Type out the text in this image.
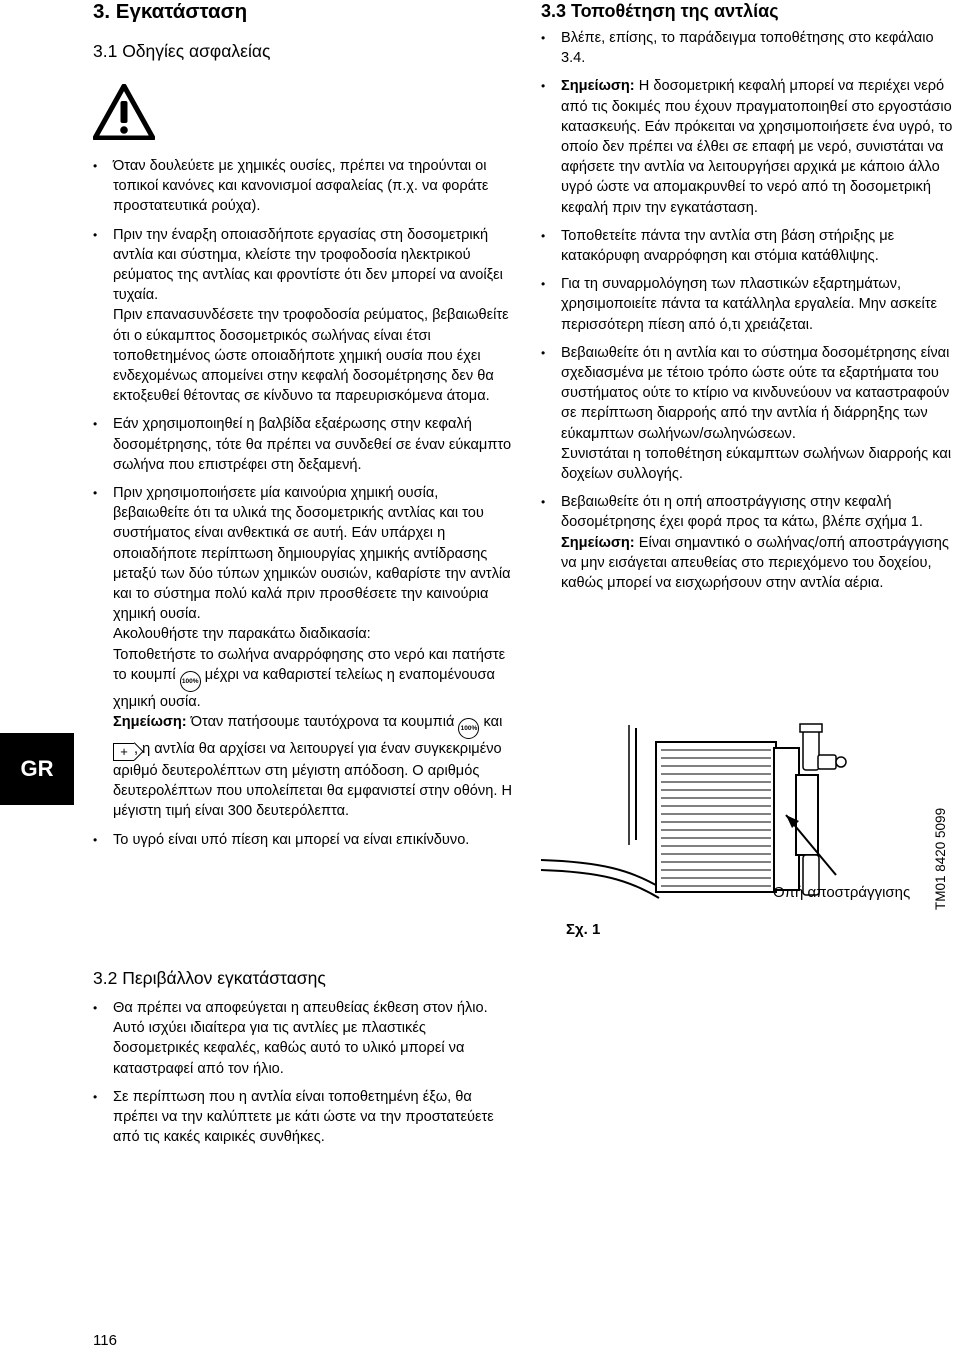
GR
3. Εγκατάσταση
3.1 Οδηγίες ασφαλείας

• Όταν δουλεύετε με χημικές ουσίες, πρέπει να τηρούνται οι τοπικοί κανόνες και κανονισμοί ασφαλείας (π.χ. να φοράτε προστατευτικά ρούχα).

• Πριν την έναρξη οποιασδήποτε εργασίας στη δοσομετρική αντλία και σύστημα, κλείστε την τροφοδοσία ηλεκτρικού ρεύματος της αντλίας και φροντίστε ότι δεν μπορεί να ανοίξει τυχαία.

Πριν επανασυνδέσετε την τροφοδοσία ρεύματος, βεβαιωθείτε ότι ο εύκαμπτος δοσομετρικός σωλήνας είναι έτσι τοποθετημένος ώστε οποιαδήποτε χημική ουσία που έχει ενδεχομένως απομείνει στην κεφαλή δοσομέτρησης δεν θα εκτοξευθεί θέτοντας σε κίνδυνο τα παρευρισκόμενα άτομα.

• Εάν χρησιμοποιηθεί η βαλβίδα εξαέρωσης στην κεφαλή δοσομέτρησης, τότε θα πρέπει να συνδεθεί σε έναν εύκαμπτο σωλήνα που επιστρέφει στη δεξαμενή.

• Πριν χρησιμοποιήσετε μία καινούρια χημική ουσία, βεβαιωθείτε ότι τα υλικά της δοσομετρικής αντλίας και του συστήματος είναι ανθεκτικά σε αυτή. Εάν υπάρχει η οποιαδήποτε περίπτωση δημιουργίας χημικής αντίδρασης μεταξύ των δύο τύπων χημικών ουσιών, καθαρίστε την αντλία και το σύστημα πολύ καλά πριν προσθέσετε την καινούρια χημική ουσία.

Ακολουθήστε την παρακάτω διαδικασία:

Τοποθετήστε το σωλήνα αναρρόφησης στο νερό και πατήστε το κουμπί 100% μέχρι να καθαριστεί τελείως η εναπομένουσα χημική ουσία.

Σημείωση: Όταν πατήσουμε ταυτόχρονα τα κουμπιά 100% και + , η αντλία θα αρχίσει να λειτουργεί για έναν συγκεκριμένο αριθμό δευτερολέπτων στη μέγιστη απόδοση. Ο αριθμός δευτερολέπτων που υπολείπεται θα εμφανιστεί στην οθόνη. Η μέγιστη τιμή είναι 300 δευτερόλεπτα.

• Το υγρό είναι υπό πίεση και μπορεί να είναι επικίνδυνο.

3.2 Περιβάλλον εγκατάστασης

• Θα πρέπει να αποφεύγεται η απευθείας έκθεση στον ήλιο. Αυτό ισχύει ιδιαίτερα για τις αντλίες με πλαστικές δοσομετρικές κεφαλές, καθώς αυτό το υλικό μπορεί να καταστραφεί από τον ήλιο.

• Σε περίπτωση που η αντλία είναι τοποθετημένη έξω, θα πρέπει να την καλύπτετε με κάτι ώστε να την προστατεύετε από τις κακές καιρικές συνθήκες.

3.3 Τοποθέτηση της αντλίας

• Βλέπε, επίσης, το παράδειγμα τοποθέτησης στο κεφάλαιο 3.4.

• Σημείωση: Η δοσομετρική κεφαλή μπορεί να περιέχει νερό από τις δοκιμές που έχουν πραγματοποιηθεί στο εργοστάσιο κατασκευής. Εάν πρόκειται να χρησιμοποιήσετε ένα υγρό, το οποίο δεν πρέπει να έλθει σε επαφή με νερό, συνιστάται να αφήσετε την αντλία να λειτουργήσει αρχικά με κάποιο άλλο υγρό ώστε να απομακρυνθεί το νερό από τη δοσομετρική κεφαλή πριν την εγκατάσταση.

• Τοποθετείτε πάντα την αντλία στη βάση στήριξης με κατακόρυφη αναρρόφηση και στόμια κατάθλιψης.

• Για τη συναρμολόγηση των πλαστικών εξαρτημάτων, χρησιμοποιείτε πάντα τα κατάλληλα εργαλεία. Μην ασκείτε περισσότερη πίεση από ό,τι χρειάζεται.

• Βεβαιωθείτε ότι η αντλία και το σύστημα δοσομέτρησης είναι σχεδιασμένα με τέτοιο τρόπο ώστε ούτε τα εξαρτήματα του συστήματος ούτε το κτίριο να κινδυνεύουν να καταστραφούν σε περίπτωση διαρροής από την αντλία ή διάρρηξης των εύκαμπτων σωλήνων/σωληνώσεων.

Συνιστάται η τοποθέτηση εύκαμπτων σωλήνων διαρροής και δοχείων συλλογής.

• Βεβαιωθείτε ότι η οπή αποστράγγισης στην κεφαλή δοσομέτρησης έχει φορά προς τα κάτω, βλέπε σχήμα 1.

Σημείωση: Είναι σημαντικό ο σωλήνας/οπή αποστράγγισης να μην εισάγεται απευθείας στο περιεχόμενο του δοχείου, καθώς μπορεί να εισχωρήσουν στην αντλία αέρια.

Οπή αποστράγγισης
Σχ. 1
TM01 8420 5099
116
